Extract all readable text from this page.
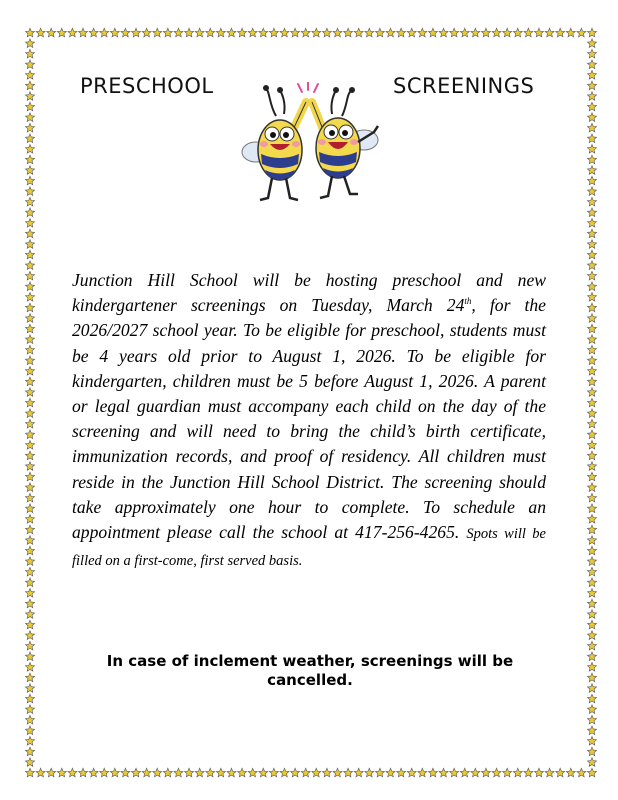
PRESCHOOL	SCREENINGS

Junction Hill School will be hosting preschool and new kindergartener screenings on Tuesday, March 24th, for the 2026/2027 school year. To be eligible for preschool, students must be 4 years old prior to August 1, 2026. To be eligible for kindergarten, children must be 5 before August 1, 2026. A parent or legal guardian must accompany each child on the day of the screening and will need to bring the child’s birth certificate, immunization records, and proof of residency. All children must reside in the Junction Hill School District. The screening should take approximately one hour to complete. To schedule an appointment please call the school at 417-256-4265. Spots will be filled on a first-come, first served basis.

In case of inclement weather, screenings will be cancelled.
